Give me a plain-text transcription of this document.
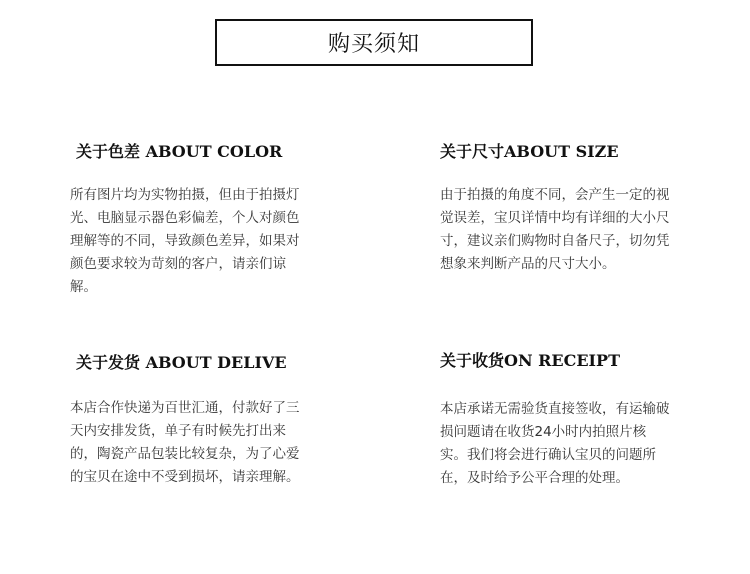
购买须知
关于色差 ABOUT COLOR
所有图片均为实物拍摄，但由于拍摄灯光、电脑显示器色彩偏差，个人对颜色理解等的不同，导致颜色差异，如果对颜色要求较为苛刻的客户，请亲们谅解。
关于尺寸ABOUT SIZE
由于拍摄的角度不同，会产生一定的视觉误差，宝贝详情中均有详细的大小尺寸，建议亲们购物时自备尺子，切勿凭想象来判断产品的尺寸大小。
关于发货 ABOUT DELIVE
本店合作快递为百世汇通，付款好了三天内安排发货，单子有时候先打出来的，陶瓷产品包装比较复杂，为了心爱的宝贝在途中不受到损坏，请亲理解。
关于收货ON RECEIPT
本店承诺无需验货直接签收，有运输破损问题请在收货24小时内拍照片核实。我们将会进行确认宝贝的问题所在，及时给予公平合理的处理。
